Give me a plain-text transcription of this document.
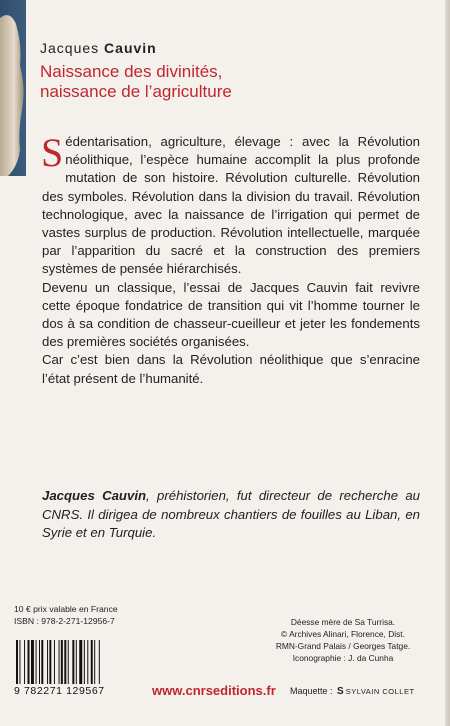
Jacques Cauvin
Naissance des divinités,
naissance de l’agriculture

Sédentarisation, agriculture, élevage : avec la Révolution néolithique, l’espèce humaine accomplit la plus profonde mutation de son histoire. Révolution culturelle. Révolution des symboles. Révolution dans la division du travail. Révolution technologique, avec la naissance de l’irrigation qui permet de vastes surplus de production. Révolution intellectuelle, marquée par l’apparition du sacré et la construction des premiers systèmes de pensée hiérarchisés.

Devenu un classique, l’essai de Jacques Cauvin fait revivre cette époque fondatrice de transition qui vit l’homme tourner le dos à sa condition de chasseur-cueilleur et jeter les fondements des premières sociétés organisées.

Car c’est bien dans la Révolution néolithique que s’enracine l’état présent de l’humanité.

Jacques Cauvin, préhistorien, fut directeur de recherche au CNRS. Il dirigea de nombreux chantiers de fouilles au Liban, en Syrie et en Turquie.
10 € prix valable en France
ISBN : 978-2-271-12956-7	Déesse mère de Sa Turrisa.
© Archives Alinari, Florence, Dist.
RMN-Grand Palais / Georges Tatge.
Iconographie : J. da Cunha
9 782271 129567	www.cnrseditions.fr Maquette : S SYLVAIN COLLET
